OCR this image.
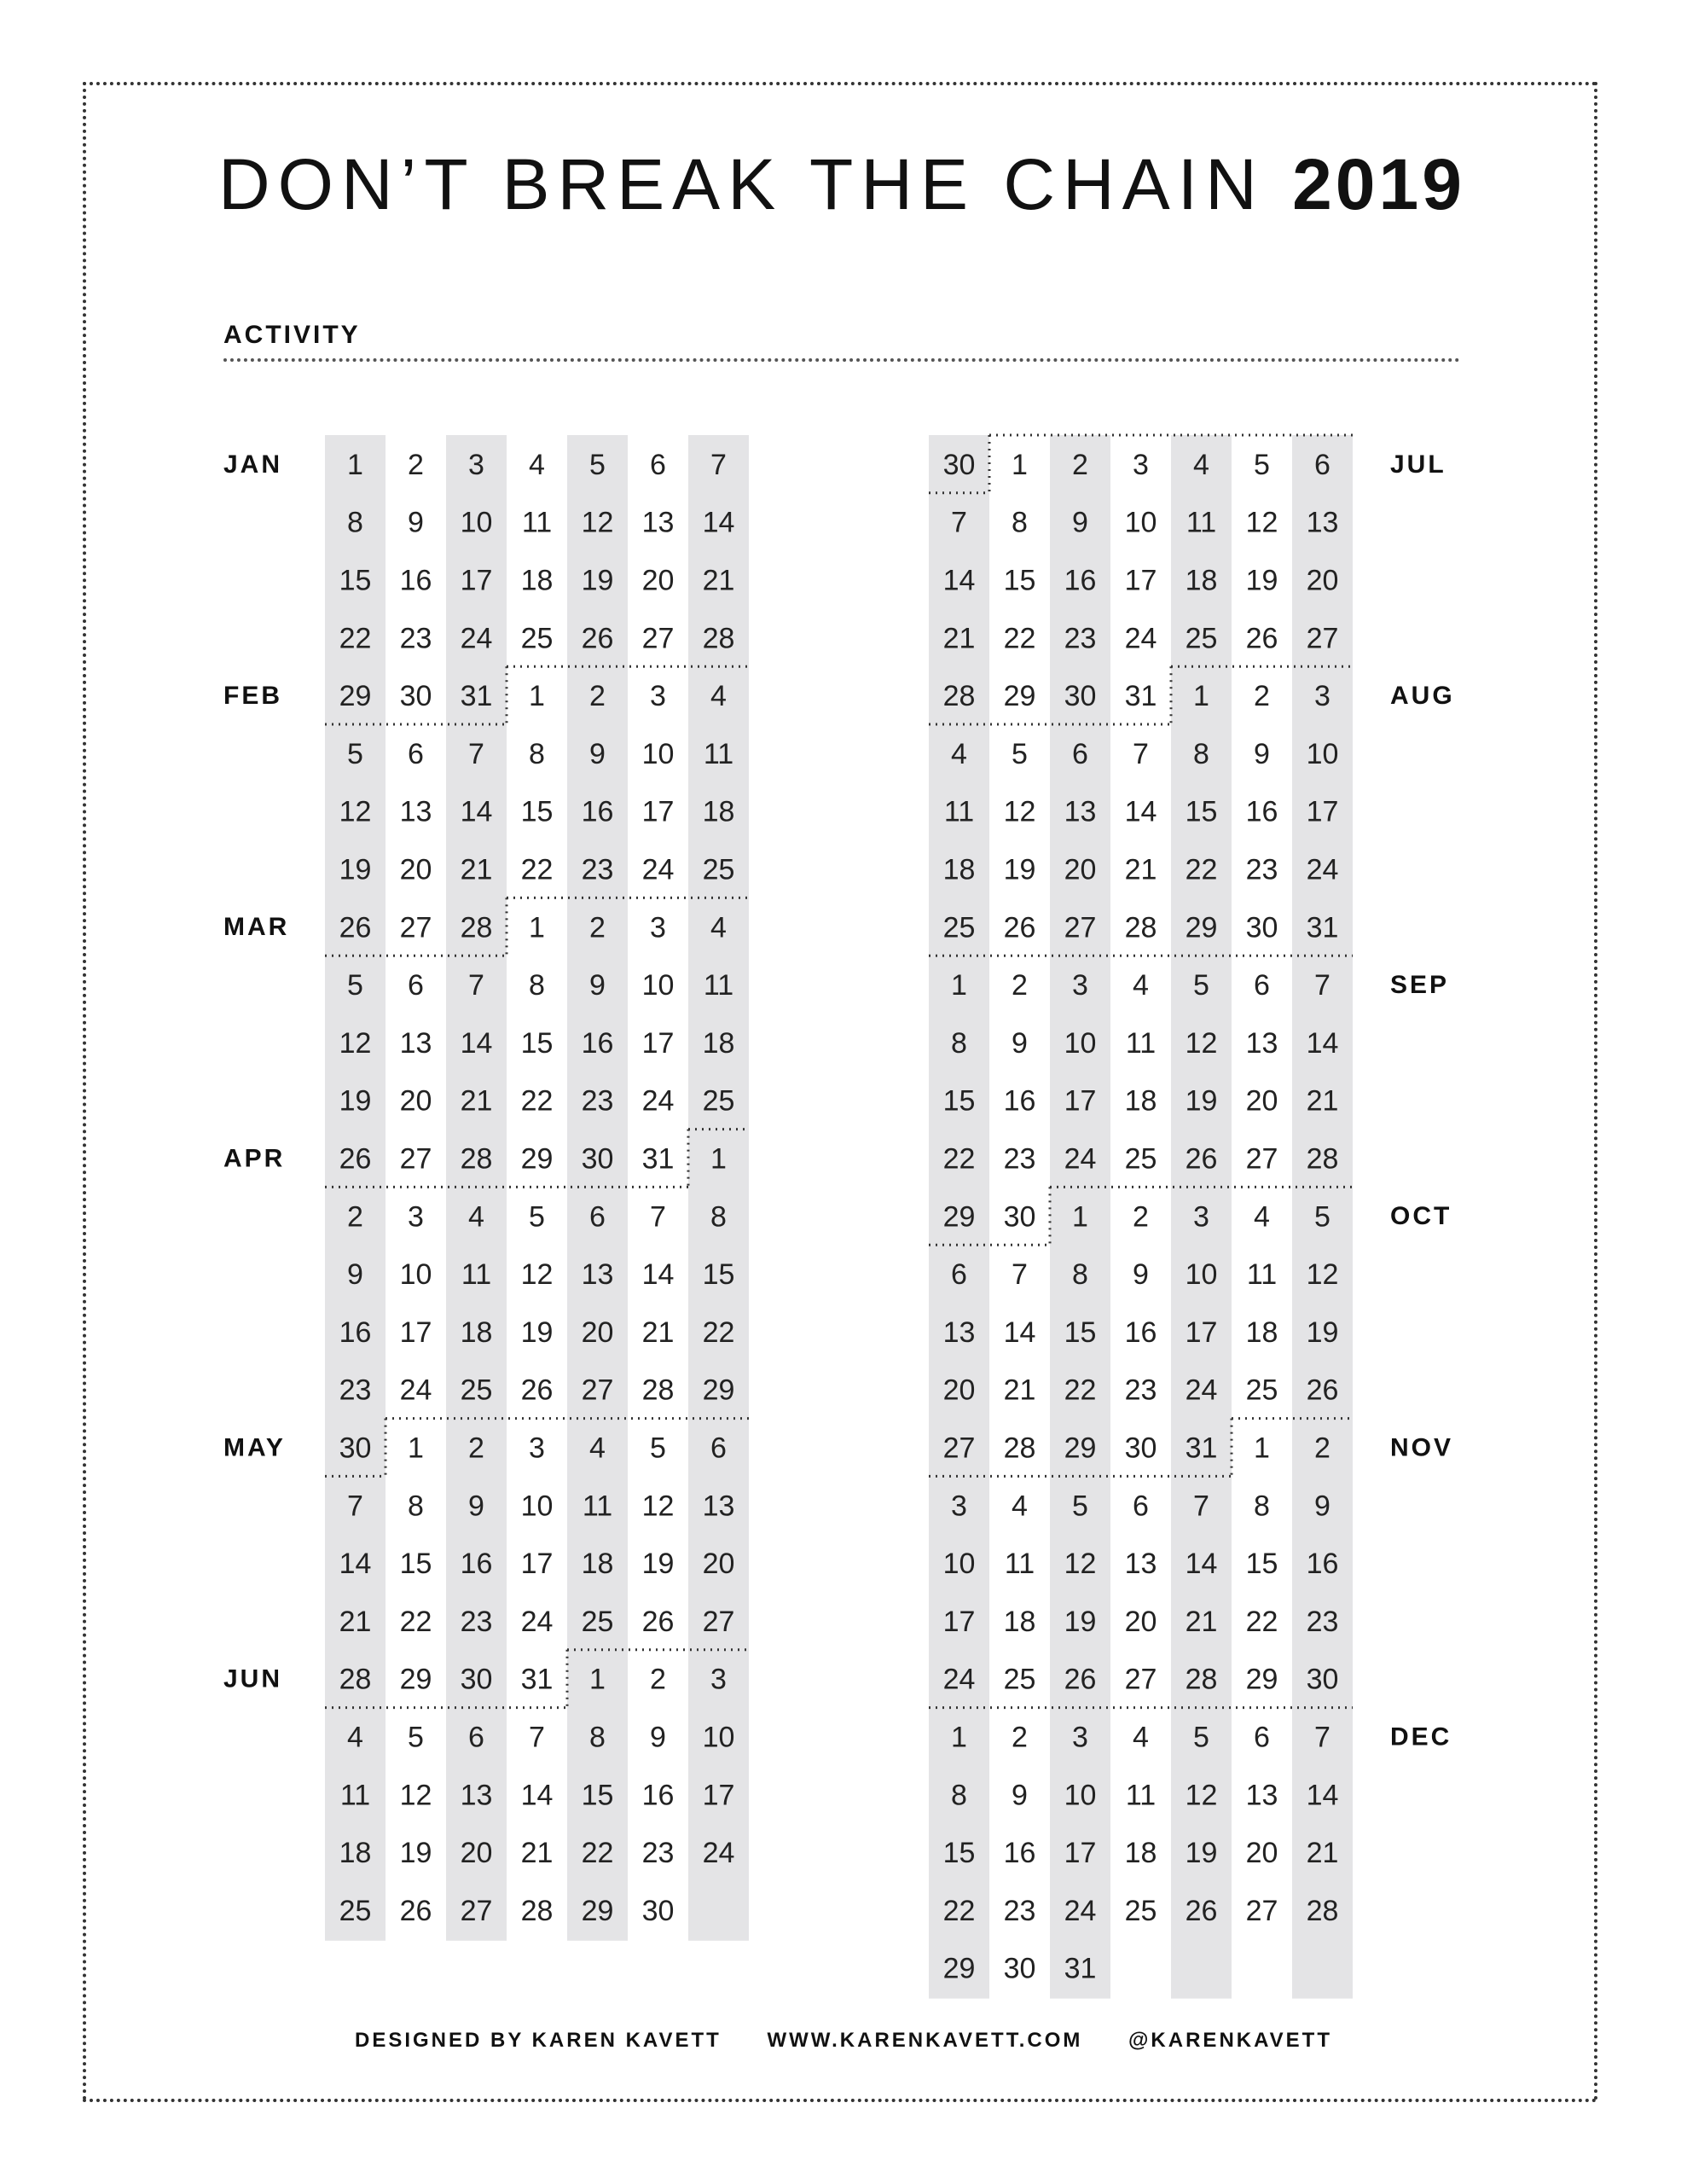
DON’T BREAK THE CHAIN 2019
ACTIVITY
1 2 3 4 5 6 7
8 9 10 11 12 13 14
15 16 17 18 19 20 21
22 23 24 25 26 27 28
29 30 31 1 2 3 4
5 6 7 8 9 10 11
12 13 14 15 16 17 18
19 20 21 22 23 24 25
26 27 28 1 2 3 4
5 6 7 8 9 10 11
12 13 14 15 16 17 18
19 20 21 22 23 24 25
26 27 28 29 30 31 1
2 3 4 5 6 7 8
9 10 11 12 13 14 15
16 17 18 19 20 21 22
23 24 25 26 27 28 29
30 1 2 3 4 5 6
7 8 9 10 11 12 13
14 15 16 17 18 19 20
21 22 23 24 25 26 27
28 29 30 31 1 2 3
4 5 6 7 8 9 10
11 12 13 14 15 16 17
18 19 20 21 22 23 24
25 26 27 28 29 30
JAN
FEB
MAR
APR
MAY
JUN
30 1 2 3 4 5 6
7 8 9 10 11 12 13
14 15 16 17 18 19 20
21 22 23 24 25 26 27
28 29 30 31 1 2 3
4 5 6 7 8 9 10
11 12 13 14 15 16 17
18 19 20 21 22 23 24
25 26 27 28 29 30 31
1 2 3 4 5 6 7
8 9 10 11 12 13 14
15 16 17 18 19 20 21
22 23 24 25 26 27 28
29 30 1 2 3 4 5
6 7 8 9 10 11 12
13 14 15 16 17 18 19
20 21 22 23 24 25 26
27 28 29 30 31 1 2
3 4 5 6 7 8 9
10 11 12 13 14 15 16
17 18 19 20 21 22 23
24 25 26 27 28 29 30
1 2 3 4 5 6 7
8 9 10 11 12 13 14
15 16 17 18 19 20 21
22 23 24 25 26 27 28
29 30 31
JUL
AUG
SEP
OCT
NOV
DEC
DESIGNED BY KAREN KAVETT WWW.KARENKAVETT.COM @KARENKAVETT
